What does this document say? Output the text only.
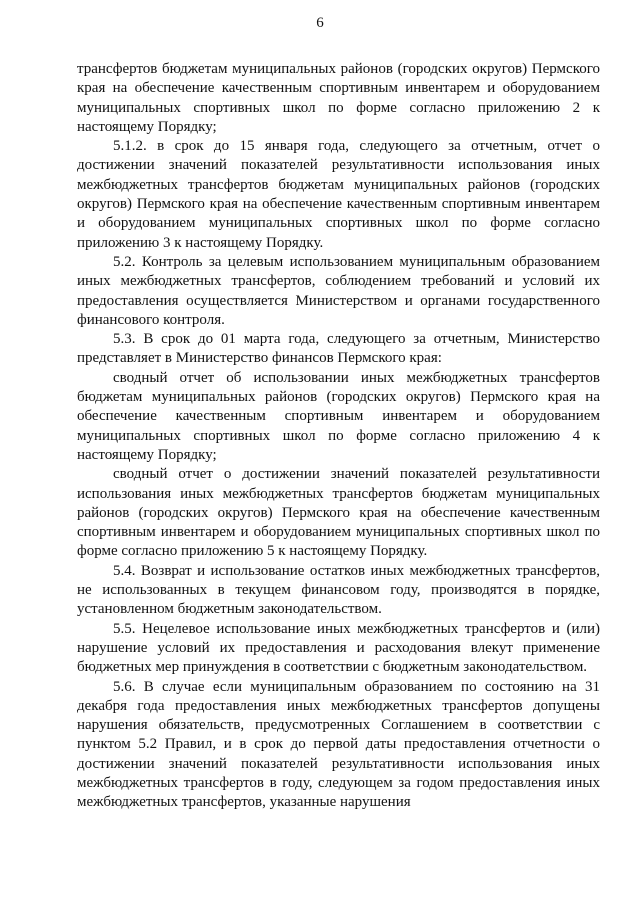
6

трансфертов бюджетам муниципальных районов (городских округов) Пермского края на обеспечение качественным спортивным инвентарем и оборудованием муниципальных спортивных школ по форме согласно приложению 2 к настоящему Порядку;

5.1.2. в срок до 15 января года, следующего за отчетным, отчет о достижении значений показателей результативности использования иных межбюджетных трансфертов бюджетам муниципальных районов (городских округов) Пермского края на обеспечение качественным спортивным инвентарем и оборудованием муниципальных спортивных школ по форме согласно приложению 3 к настоящему Порядку.

5.2. Контроль за целевым использованием муниципальным образованием иных межбюджетных трансфертов, соблюдением требований и условий их предоставления осуществляется Министерством и органами государственного финансового контроля.

5.3. В срок до 01 марта года, следующего за отчетным, Министерство представляет в Министерство финансов Пермского края:

сводный отчет об использовании иных межбюджетных трансфертов бюджетам муниципальных районов (городских округов) Пермского края на обеспечение качественным спортивным инвентарем и оборудованием муниципальных спортивных школ по форме согласно приложению 4 к настоящему Порядку;

сводный отчет о достижении значений показателей результативности использования иных межбюджетных трансфертов бюджетам муниципальных районов (городских округов) Пермского края на обеспечение качественным спортивным инвентарем и оборудованием муниципальных спортивных школ по форме согласно приложению 5 к настоящему Порядку.

5.4. Возврат и использование остатков иных межбюджетных трансфертов, не использованных в текущем финансовом году, производятся в порядке, установленном бюджетным законодательством.

5.5. Нецелевое использование иных межбюджетных трансфертов и (или) нарушение условий их предоставления и расходования влекут применение бюджетных мер принуждения в соответствии с бюджетным законодательством.

5.6. В случае если муниципальным образованием по состоянию на 31 декабря года предоставления иных межбюджетных трансфертов допущены нарушения обязательств, предусмотренных Соглашением в соответствии с пунктом 5.2 Правил, и в срок до первой даты предоставления отчетности о достижении значений показателей результативности использования иных межбюджетных трансфертов в году, следующем за годом предоставления иных межбюджетных трансфертов, указанные нарушения
